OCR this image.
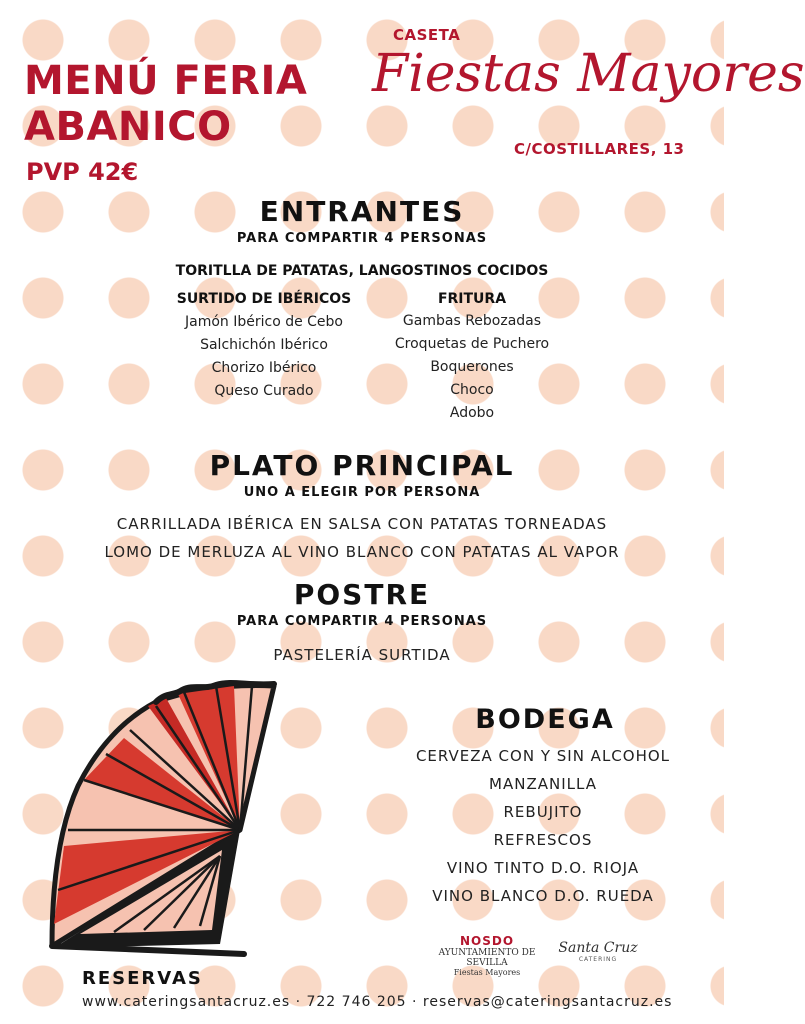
MENÚ FERIA
ABANICO
PVP 42€
CASETA
Fiestas Mayores
C/COSTILLARES, 13
ENTRANTES
PARA COMPARTIR 4 PERSONAS
TORITLLA DE PATATAS, LANGOSTINOS COCIDOS
SURTIDO DE IBÉRICOS
Jamón Ibérico de Cebo
Salchichón Ibérico
Chorizo Ibérico
Queso Curado
FRITURA
Gambas Rebozadas
Croquetas de Puchero
Boquerones
Choco
Adobo
PLATO PRINCIPAL
UNO A ELEGIR POR PERSONA
CARRILLADA IBÉRICA EN SALSA CON PATATAS TORNEADAS
LOMO DE MERLUZA AL VINO BLANCO CON PATATAS AL VAPOR
POSTRE
PARA COMPARTIR 4 PERSONAS
PASTELERÍA SURTIDA
BODEGA
CERVEZA CON Y SIN ALCOHOL
MANZANILLA
REBUJITO
REFRESCOS
VINO TINTO D.O. RIOJA
VINO BLANCO D.O. RUEDA
NOSDO
AYUNTAMIENTO DE SEVILLA
Fiestas Mayores
Santa Cruz
CATERING
RESERVAS
www.cateringsantacruz.es · 722 746 205 · reservas@cateringsantacruz.es
